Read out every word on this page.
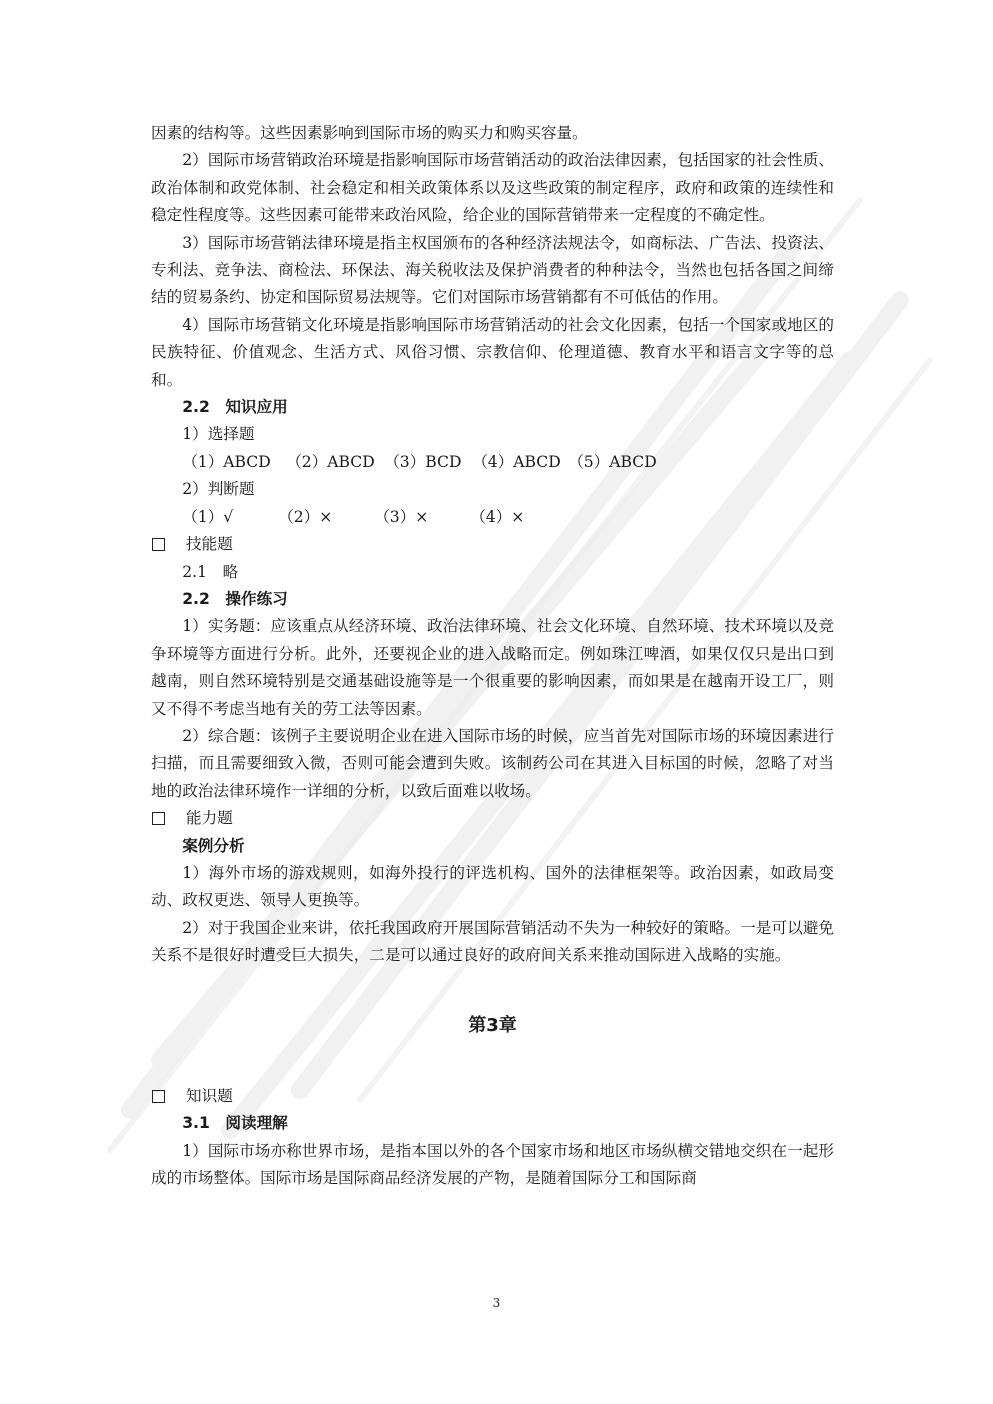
因素的结构等。这些因素影响到国际市场的购买力和购买容量。

2）国际市场营销政治环境是指影响国际市场营销活动的政治法律因素，包括国家的社会性质、政治体制和政党体制、社会稳定和相关政策体系以及这些政策的制定程序，政府和政策的连续性和稳定性程度等。这些因素可能带来政治风险，给企业的国际营销带来一定程度的不确定性。

3）国际市场营销法律环境是指主权国颁布的各种经济法规法令，如商标法、广告法、投资法、专利法、竞争法、商检法、环保法、海关税收法及保护消费者的种种法令，当然也包括各国之间缔结的贸易条约、协定和国际贸易法规等。它们对国际市场营销都有不可低估的作用。

4）国际市场营销文化环境是指影响国际市场营销活动的社会文化因素，包括一个国家或地区的民族特征、价值观念、生活方式、风俗习惯、宗教信仰、伦理道德、教育水平和语言文字等的总和。

2.2　知识应用

1）选择题

（1）ABCD （2）ABCD （3）BCD （4）ABCD （5）ABCD

2）判断题

（1）√	（2）×	（3）×	（4）×
技能题

2.1　略

2.2　操作练习

1）实务题：应该重点从经济环境、政治法律环境、社会文化环境、自然环境、技术环境以及竞争环境等方面进行分析。此外，还要视企业的进入战略而定。例如珠江啤酒，如果仅仅只是出口到越南，则自然环境特别是交通基础设施等是一个很重要的影响因素，而如果是在越南开设工厂，则又不得不考虑当地有关的劳工法等因素。

2）综合题：该例子主要说明企业在进入国际市场的时候，应当首先对国际市场的环境因素进行扫描，而且需要细致入微，否则可能会遭到失败。该制药公司在其进入目标国的时候，忽略了对当地的政治法律环境作一详细的分析，以致后面难以收场。

能力题

案例分析

1）海外市场的游戏规则，如海外投行的评选机构、国外的法律框架等。政治因素，如政局变动、政权更迭、领导人更换等。

2）对于我国企业来讲，依托我国政府开展国际营销活动不失为一种较好的策略。一是可以避免关系不是很好时遭受巨大损失，二是可以通过良好的政府间关系来推动国际进入战略的实施。

第3章
知识题

3.1　阅读理解

1）国际市场亦称世界市场，是指本国以外的各个国家市场和地区市场纵横交错地交织在一起形成的市场整体。国际市场是国际商品经济发展的产物，是随着国际分工和国际商

3
